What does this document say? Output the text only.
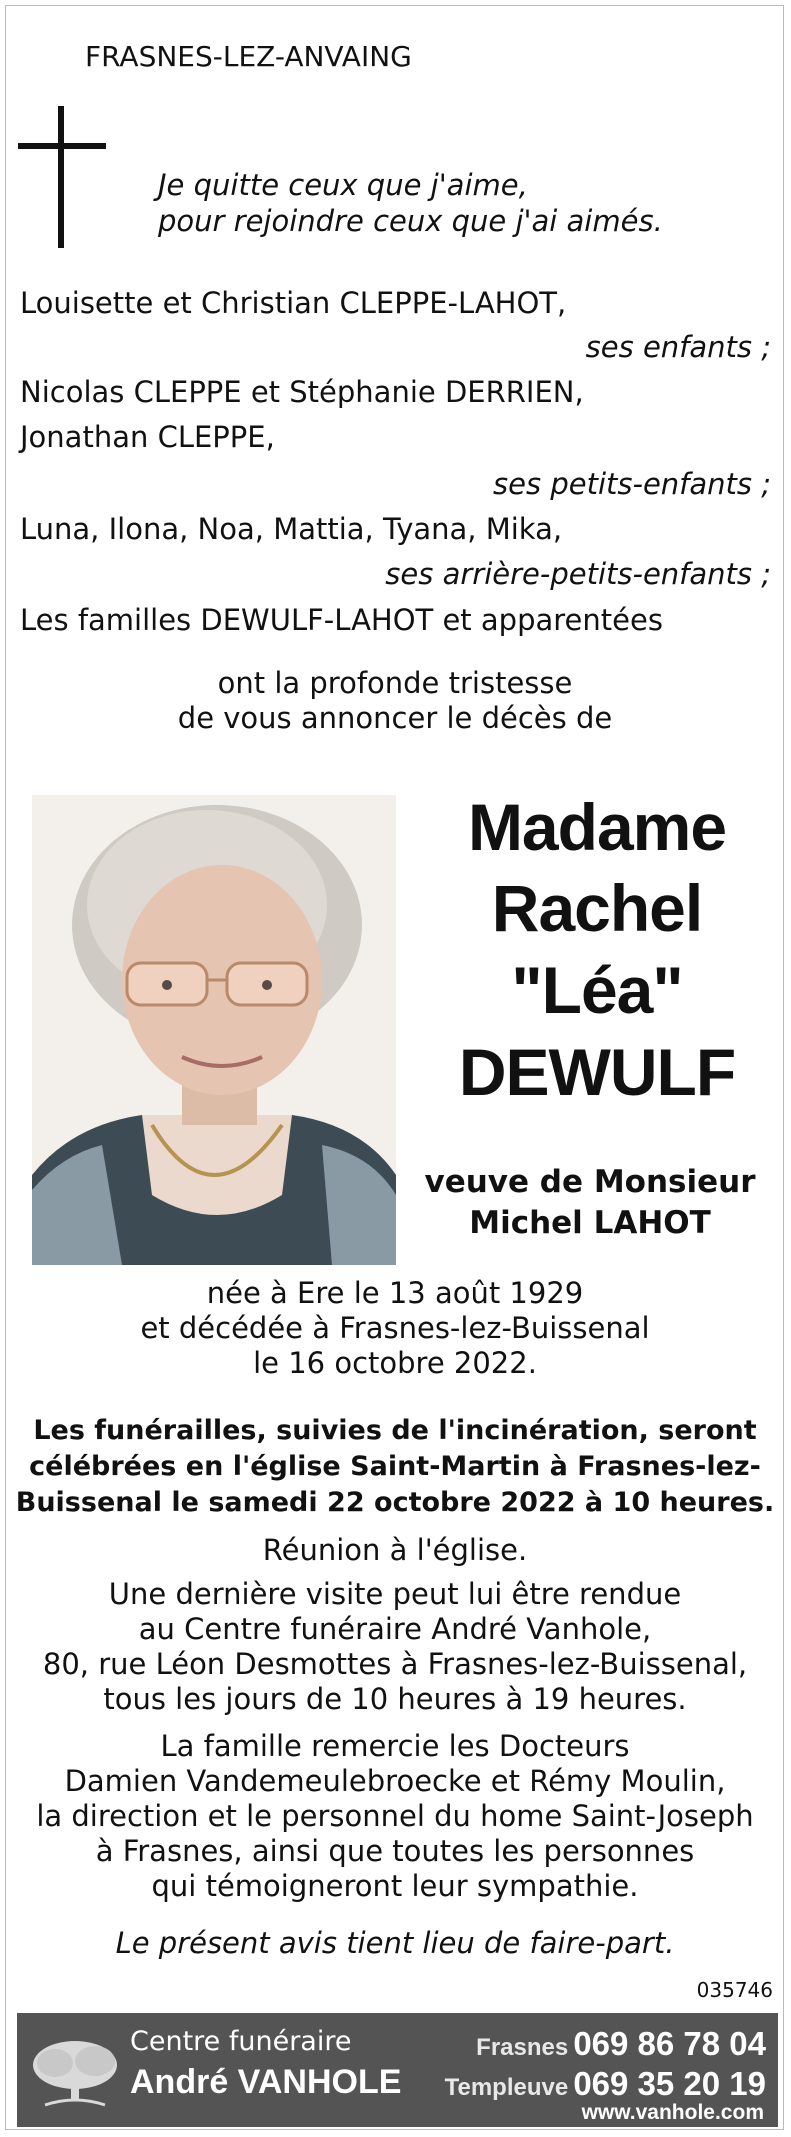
FRASNES-LEZ-ANVAING
Je quitte ceux que j'aime,
pour rejoindre ceux que j'ai aimés.
Louisette et Christian CLEPPE-LAHOT,
ses enfants ;
Nicolas CLEPPE et Stéphanie DERRIEN,
Jonathan CLEPPE,
ses petits-enfants ;
Luna, Ilona, Noa, Mattia, Tyana, Mika,
ses arrière-petits-enfants ;
Les familles DEWULF-LAHOT et apparentées
ont la profonde tristesse
de vous annoncer le décès de
Madame
Rachel
"Léa"
DEWULF
veuve de Monsieur
Michel LAHOT
née à Ere le 13 août 1929
et décédée à Frasnes-lez-Buissenal
le 16 octobre 2022.
Les funérailles, suivies de l'incinération, seront
célébrées en l'église Saint-Martin à Frasnes-lez-
Buissenal le samedi 22 octobre 2022 à 10 heures.
Réunion à l'église.
Une dernière visite peut lui être rendue
au Centre funéraire André Vanhole,
80, rue Léon Desmottes à Frasnes-lez-Buissenal,
tous les jours de 10 heures à 19 heures.
La famille remercie les Docteurs
Damien Vandemeulebroecke et Rémy Moulin,
la direction et le personnel du home Saint-Joseph
à Frasnes, ainsi que toutes les personnes
qui témoigneront leur sympathie.
Le présent avis tient lieu de faire-part.
035746
Centre funéraire
André VANHOLE
Frasnes 069 86 78 04
Templeuve 069 35 20 19
www.vanhole.com
